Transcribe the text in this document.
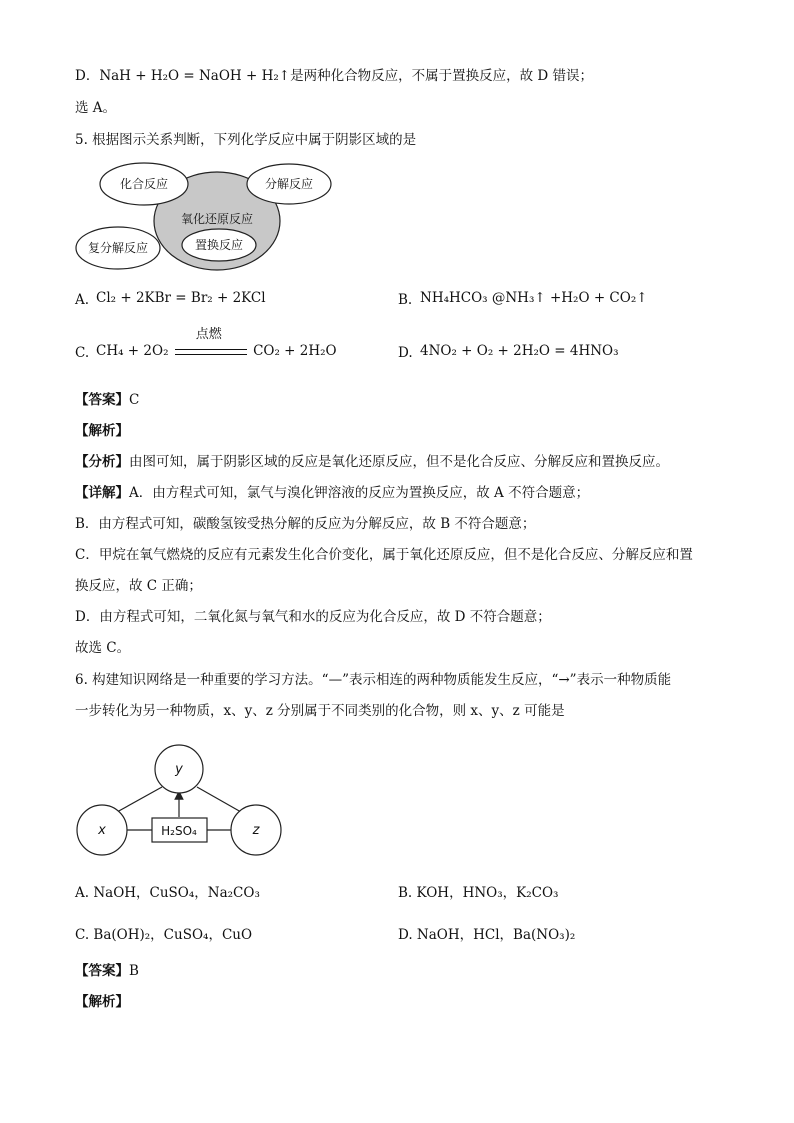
D．NaH + H₂O = NaOH + H₂↑是两种化合物反应，不属于置换反应，故 D 错误；
选 A。
5. 根据图示关系判断，下列化学反应中属于阴影区域的是
化合反应	分解反应
氧化还原反应
置换反应
复分解反应
A. Cl₂ + 2KBr = Br₂ + 2KCl	B. NH₄HCO₃ @NH₃↑ +H₂O + CO₂↑
C. CH₄ + 2O₂
点燃
CO₂ + 2H₂O	D. 4NO₂ + O₂ + 2H₂O = 4HNO₃
【答案】C
【解析】
【分析】由图可知，属于阴影区域的反应是氧化还原反应，但不是化合反应、分解反应和置换反应。
【详解】A．由方程式可知，氯气与溴化钾溶液的反应为置换反应，故 A 不符合题意；
B．由方程式可知，碳酸氢铵受热分解的反应为分解反应，故 B 不符合题意；
C．甲烷在氧气燃烧的反应有元素发生化合价变化，属于氧化还原反应，但不是化合反应、分解反应和置
换反应，故 C 正确；
D．由方程式可知，二氧化氮与氧气和水的反应为化合反应，故 D 不符合题意；
故选 C。
6. 构建知识网络是一种重要的学习方法。“—”表示相连的两种物质能发生反应，“→”表示一种物质能
一步转化为另一种物质，x、y、z 分别属于不同类别的化合物，则 x、y、z 可能是
y
x	z
H₂SO₄
A. NaOH，CuSO₄，Na₂CO₃	B. KOH，HNO₃，K₂CO₃
C. Ba(OH)₂，CuSO₄，CuO	D. NaOH，HCl，Ba(NO₃)₂
【答案】B
【解析】
